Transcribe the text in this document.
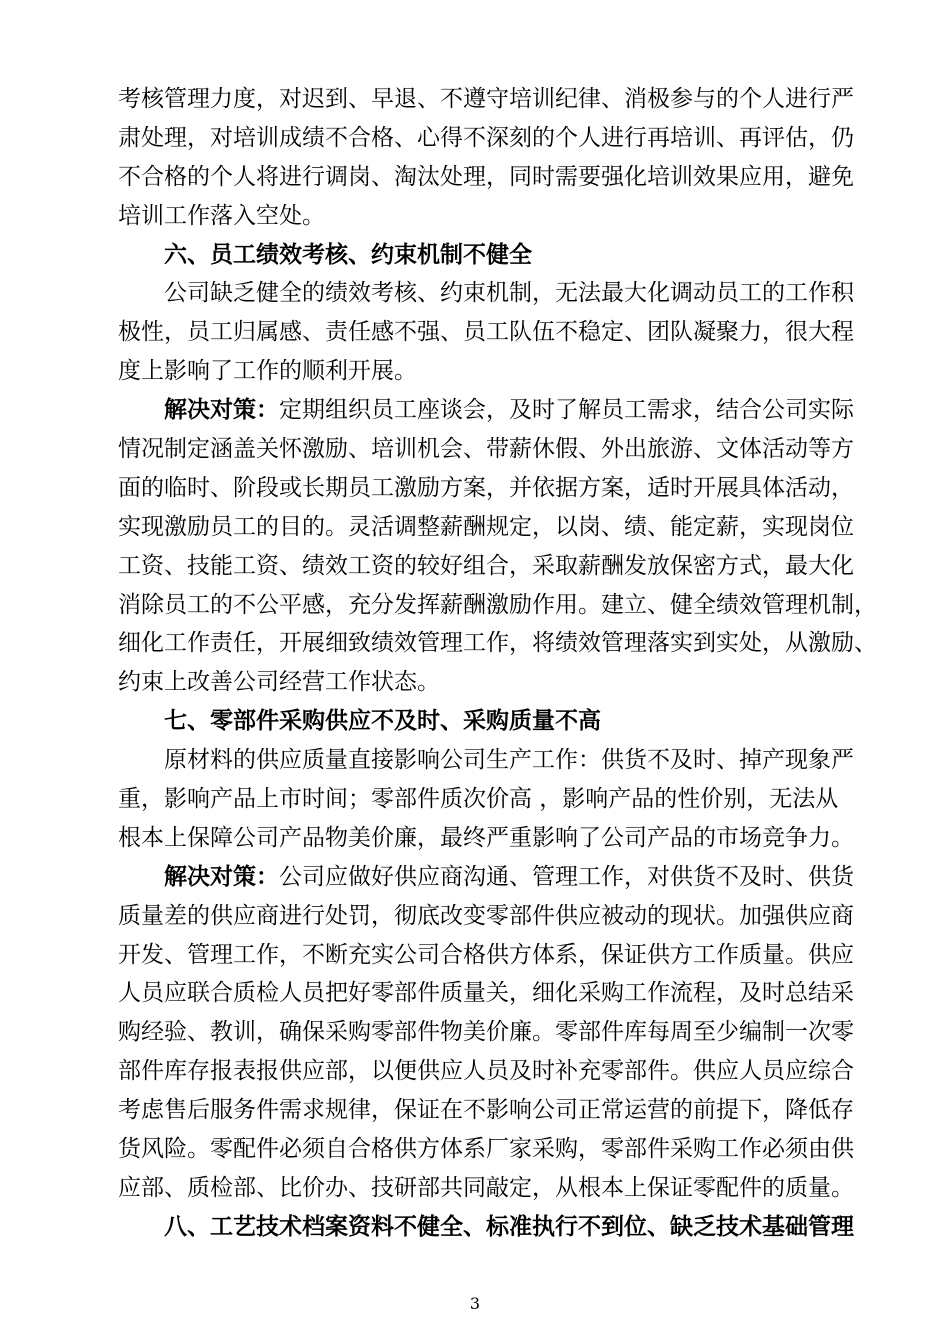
考核管理力度，对迟到、早退、不遵守培训纪律、消极参与的个人进行严
肃处理，对培训成绩不合格、心得不深刻的个人进行再培训、再评估，仍
不合格的个人将进行调岗、淘汰处理，同时需要强化培训效果应用，避免
培训工作落入空处。
六、员工绩效考核、约束机制不健全
公司缺乏健全的绩效考核、约束机制，无法最大化调动员工的工作积
极性，员工归属感、责任感不强、员工队伍不稳定、团队凝聚力，很大程
度上影响了工作的顺利开展。
解决对策：定期组织员工座谈会，及时了解员工需求，结合公司实际
情况制定涵盖关怀激励、培训机会、带薪休假、外出旅游、文体活动等方
面的临时、阶段或长期员工激励方案，并依据方案，适时开展具体活动，
实现激励员工的目的。灵活调整薪酬规定，以岗、绩、能定薪，实现岗位
工资、技能工资、绩效工资的较好组合，采取薪酬发放保密方式，最大化
消除员工的不公平感，充分发挥薪酬激励作用。建立、健全绩效管理机制，
细化工作责任，开展细致绩效管理工作，将绩效管理落实到实处，从激励、
约束上改善公司经营工作状态。
七、零部件采购供应不及时、采购质量不高
原材料的供应质量直接影响公司生产工作：供货不及时、掉产现象严
重，影响产品上市时间；零部件质次价高 ，影响产品的性价别，无法从
根本上保障公司产品物美价廉，最终严重影响了公司产品的市场竞争力。
解决对策：公司应做好供应商沟通、管理工作，对供货不及时、供货
质量差的供应商进行处罚，彻底改变零部件供应被动的现状。加强供应商
开发、管理工作，不断充实公司合格供方体系，保证供方工作质量。供应
人员应联合质检人员把好零部件质量关，细化采购工作流程，及时总结采
购经验、教训，确保采购零部件物美价廉。零部件库每周至少编制一次零
部件库存报表报供应部，以便供应人员及时补充零部件。供应人员应综合
考虑售后服务件需求规律，保证在不影响公司正常运营的前提下，降低存
货风险。零配件必须自合格供方体系厂家采购，零部件采购工作必须由供
应部、质检部、比价办、技研部共同敲定，从根本上保证零配件的质量。
八、工艺技术档案资料不健全、标准执行不到位、缺乏技术基础管理
3
